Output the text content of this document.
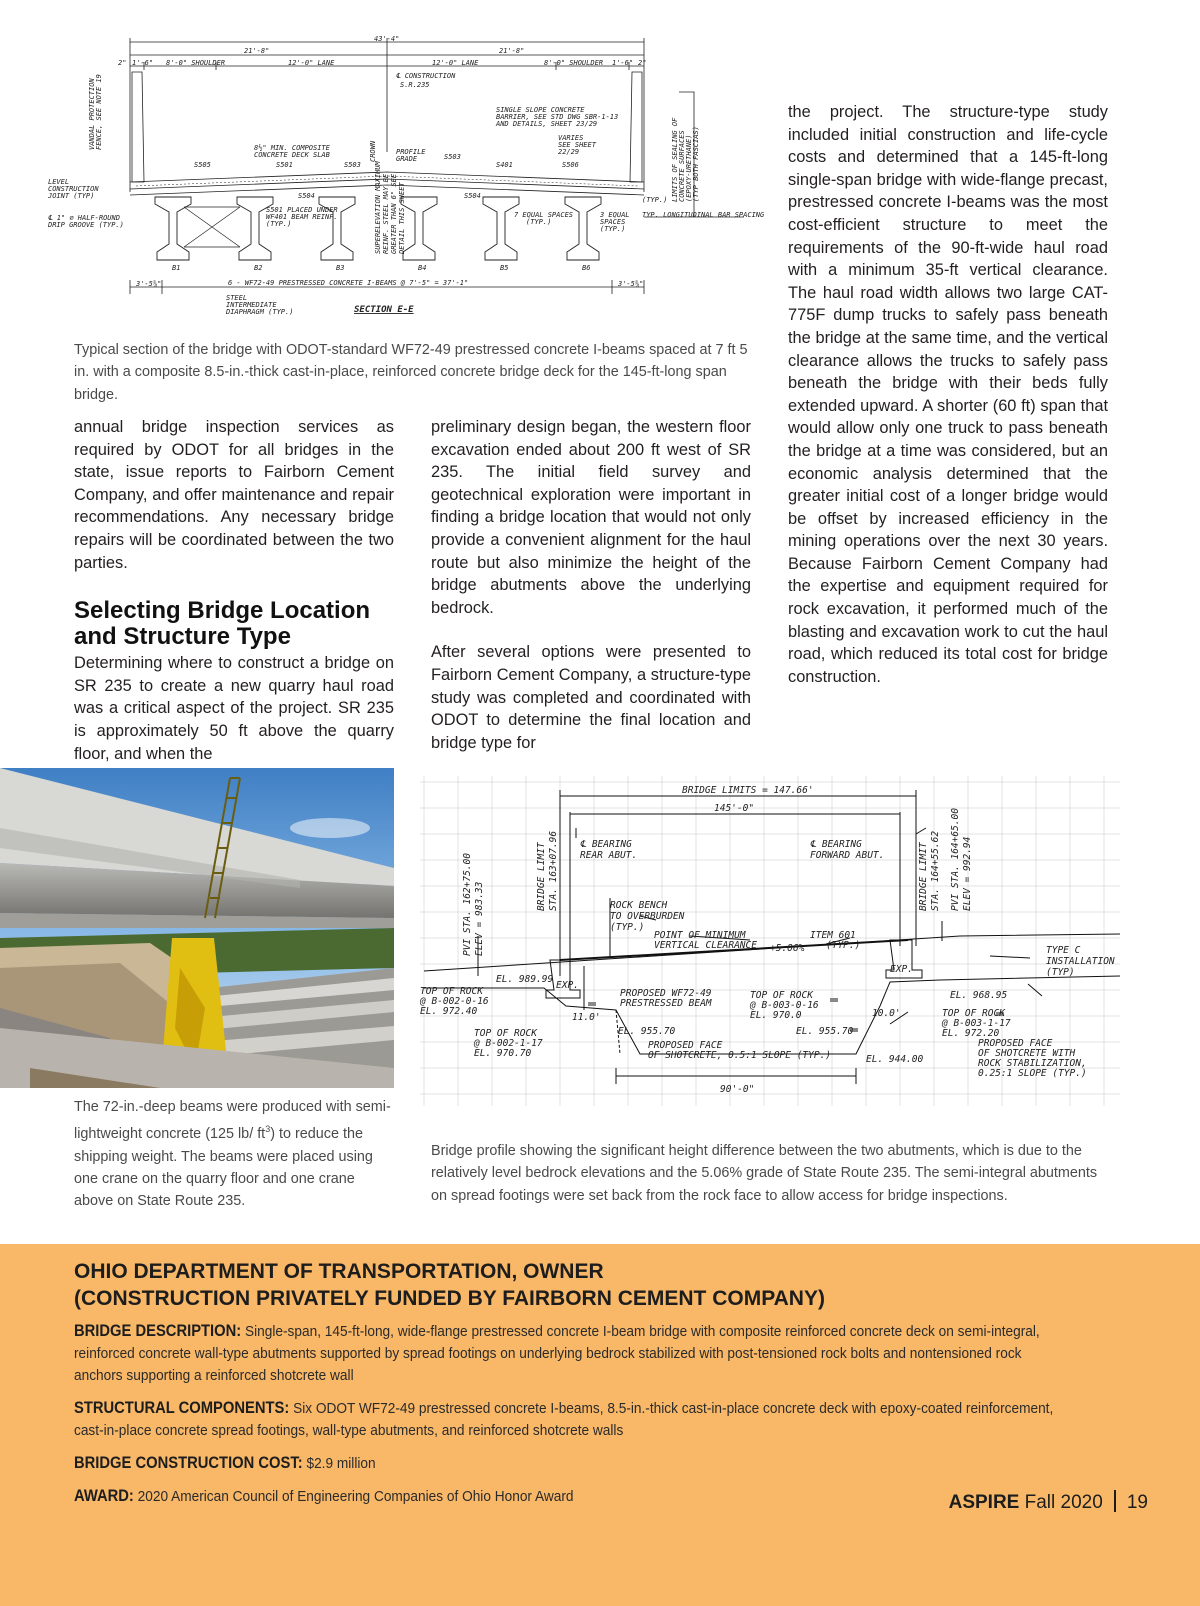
43'-4"
21'-8"	21'-8"
2" 1'-6" 8'-0" SHOULDER	12'-0" LANE	12'-0" LANE	8'-0" SHOULDER 1'-6" 2"
℄ CONSTRUCTION
S.R.235
SINGLE SLOPE CONCRETE BARRIER, SEE STD DWG SBR-1-13 AND DETAILS, SHEET 23/29
VARIES SEE SHEET 22/29
8½" MIN. COMPOSITE CONCRETE DECK SLAB	PROFILE GRADE
S505	S501	S503
S503
S401	S506
S504	S504
LEVEL CONSTRUCTION JOINT (TYP)
℄ 1" ⌀ HALF-ROUND DRIP GROOVE (TYP.)
S501 PLACED UNDER WF401 BEAM REINF. (TYP.)
7 EQUAL SPACES (TYP.)
3 EQUAL SPACES (TYP.)
(TYP.)
TYP. LONGITUDINAL BAR SPACING
SUPERELEVATION MAXIMUMREINF. STEEL MAY BEGREATER THAN 6" SEEDETAIL THIS SHEET
CROWN	LIMITS OF SEALING OFCONCRETE SURFACES(EPOXY-URETHANE)(TYP BOTH FASCIAS)
VANDAL PROTECTIONFENCE, SEE NOTE 19
B1	B2	B3	B4	B5	B6
3'-5⅝"	3'-5⅝"
6 - WF72-49 PRESTRESSED CONCRETE I-BEAMS @ 7'-5" = 37'-1"
STEEL INTERMEDIATE DIAPHRAGM (TYP.)	SECTION E-E
Typical section of the bridge with ODOT-standard WF72-49 prestressed concrete I-beams spaced at 7 ft 5 in. with a composite 8.5-in.-thick cast-in-place, reinforced concrete bridge deck for the 145-ft-long span bridge.

annual bridge inspection services as required by ODOT for all bridges in the state, issue reports to Fairborn Cement Company, and offer maintenance and repair recommendations. Any necessary bridge repairs will be coordinated between the two parties.

Selecting Bridge Location
and Structure Type

Determining where to construct a bridge on SR 235 to create a new quarry haul road was a critical aspect of the project. SR 235 is approximately 50 ft above the quarry floor, and when the

preliminary design began, the western floor excavation ended about 200 ft west of SR 235. The initial field survey and geotechnical exploration were important in finding a bridge location that would not only provide a convenient alignment for the haul route but also minimize the height of the bridge abutments above the underlying bedrock.

After several options were presented to Fairborn Cement Company, a structure-type study was completed and coordinated with ODOT to determine the final location and bridge type for

the project. The structure-type study included initial construction and life-cycle costs and determined that a 145-ft-long single-span bridge with wide-flange precast, prestressed concrete I-beams was the most cost-efficient structure to meet the requirements of the 90-ft-wide haul road with a minimum 35-ft vertical clearance. The haul road width allows two large CAT-775F dump trucks to safely pass beneath the bridge at the same time, and the vertical clearance allows the trucks to safely pass beneath the bridge with their beds fully extended upward. A shorter (60 ft) span that would allow only one truck to pass beneath the bridge at a time was considered, but an economic analysis determined that the greater initial cost of a longer bridge would be offset by increased efficiency in the mining operations over the next 30 years. Because Fairborn Cement Company had the expertise and equipment required for rock excavation, it performed much of the blasting and excavation work to cut the haul road, which reduced its total cost for bridge construction.

The 72-in.-deep beams were produced with semi-lightweight concrete (125 lb/ $ft^3$) to reduce the shipping weight. The beams were placed using one crane on the quarry floor and one crane above on State Route 235.
BRIDGE LIMITS = 147.66'
145'-0"
℄ BEARING
REAR ABUT.
℄ BEARING
FORWARD ABUT.
PVI STA. 162+75.00 ELEV = 983.33
BRIDGE LIMIT STA. 163+07.96	BRIDGE LIMIT STA. 164+55.62 PVI STA. 164+65.00 ELEV = 992.94
ROCK BENCH
TO OVERBURDEN
(TYP.)
POINT OF MINIMUM
VERTICAL CLEARANCE +5.06%
ITEM 601
(TYP.)	TYPE C
INSTALLATION
(TYP)
EL. 989.99
EXP.
EXP.
EL. 968.95
TOP OF ROCK
@ B-002-0-16
EL. 972.40
PROPOSED WF72-49
PRESTRESSED BEAM
TOP OF ROCK
@ B-003-0-16
EL. 970.0
11.0'	10.0'	TOP OF ROCK
@ B-003-1-17
EL. 972.20
TOP OF ROCK
@ B-002-1-17
EL. 970.70
EL. 955.70	EL. 955.70
PROPOSED FACE
OF SHOTCRETE, 0.5:1 SLOPE (TYP.)	EL. 944.00
PROPOSED FACE
OF SHOTCRETE WITH
ROCK STABILIZATION,
0.25:1 SLOPE (TYP.)
90'-0"
Bridge profile showing the significant height difference between the two abutments, which is due to the relatively level bedrock elevations and the 5.06% grade of State Route 235. The semi-integral abutments on spread footings were set back from the rock face to allow access for bridge inspections.
OHIO DEPARTMENT OF TRANSPORTATION, OWNER
(CONSTRUCTION PRIVATELY FUNDED BY FAIRBORN CEMENT COMPANY)
BRIDGE DESCRIPTION: Single-span, 145-ft-long, wide-flange prestressed concrete I-beam bridge with composite reinforced concrete deck on semi-integral, reinforced concrete wall-type abutments supported by spread footings on underlying bedrock stabilized with post-tensioned rock bolts and nontensioned rock anchors supporting a reinforced shotcrete wall
STRUCTURAL COMPONENTS: Six ODOT WF72-49 prestressed concrete I-beams, 8.5-in.-thick cast-in-place concrete deck with epoxy-coated reinforcement, cast-in-place concrete spread footings, wall-type abutments, and reinforced shotcrete walls
BRIDGE CONSTRUCTION COST: $2.9 million
AWARD: 2020 American Council of Engineering Companies of Ohio Honor Award	ASPIRE Fall 2020 19
